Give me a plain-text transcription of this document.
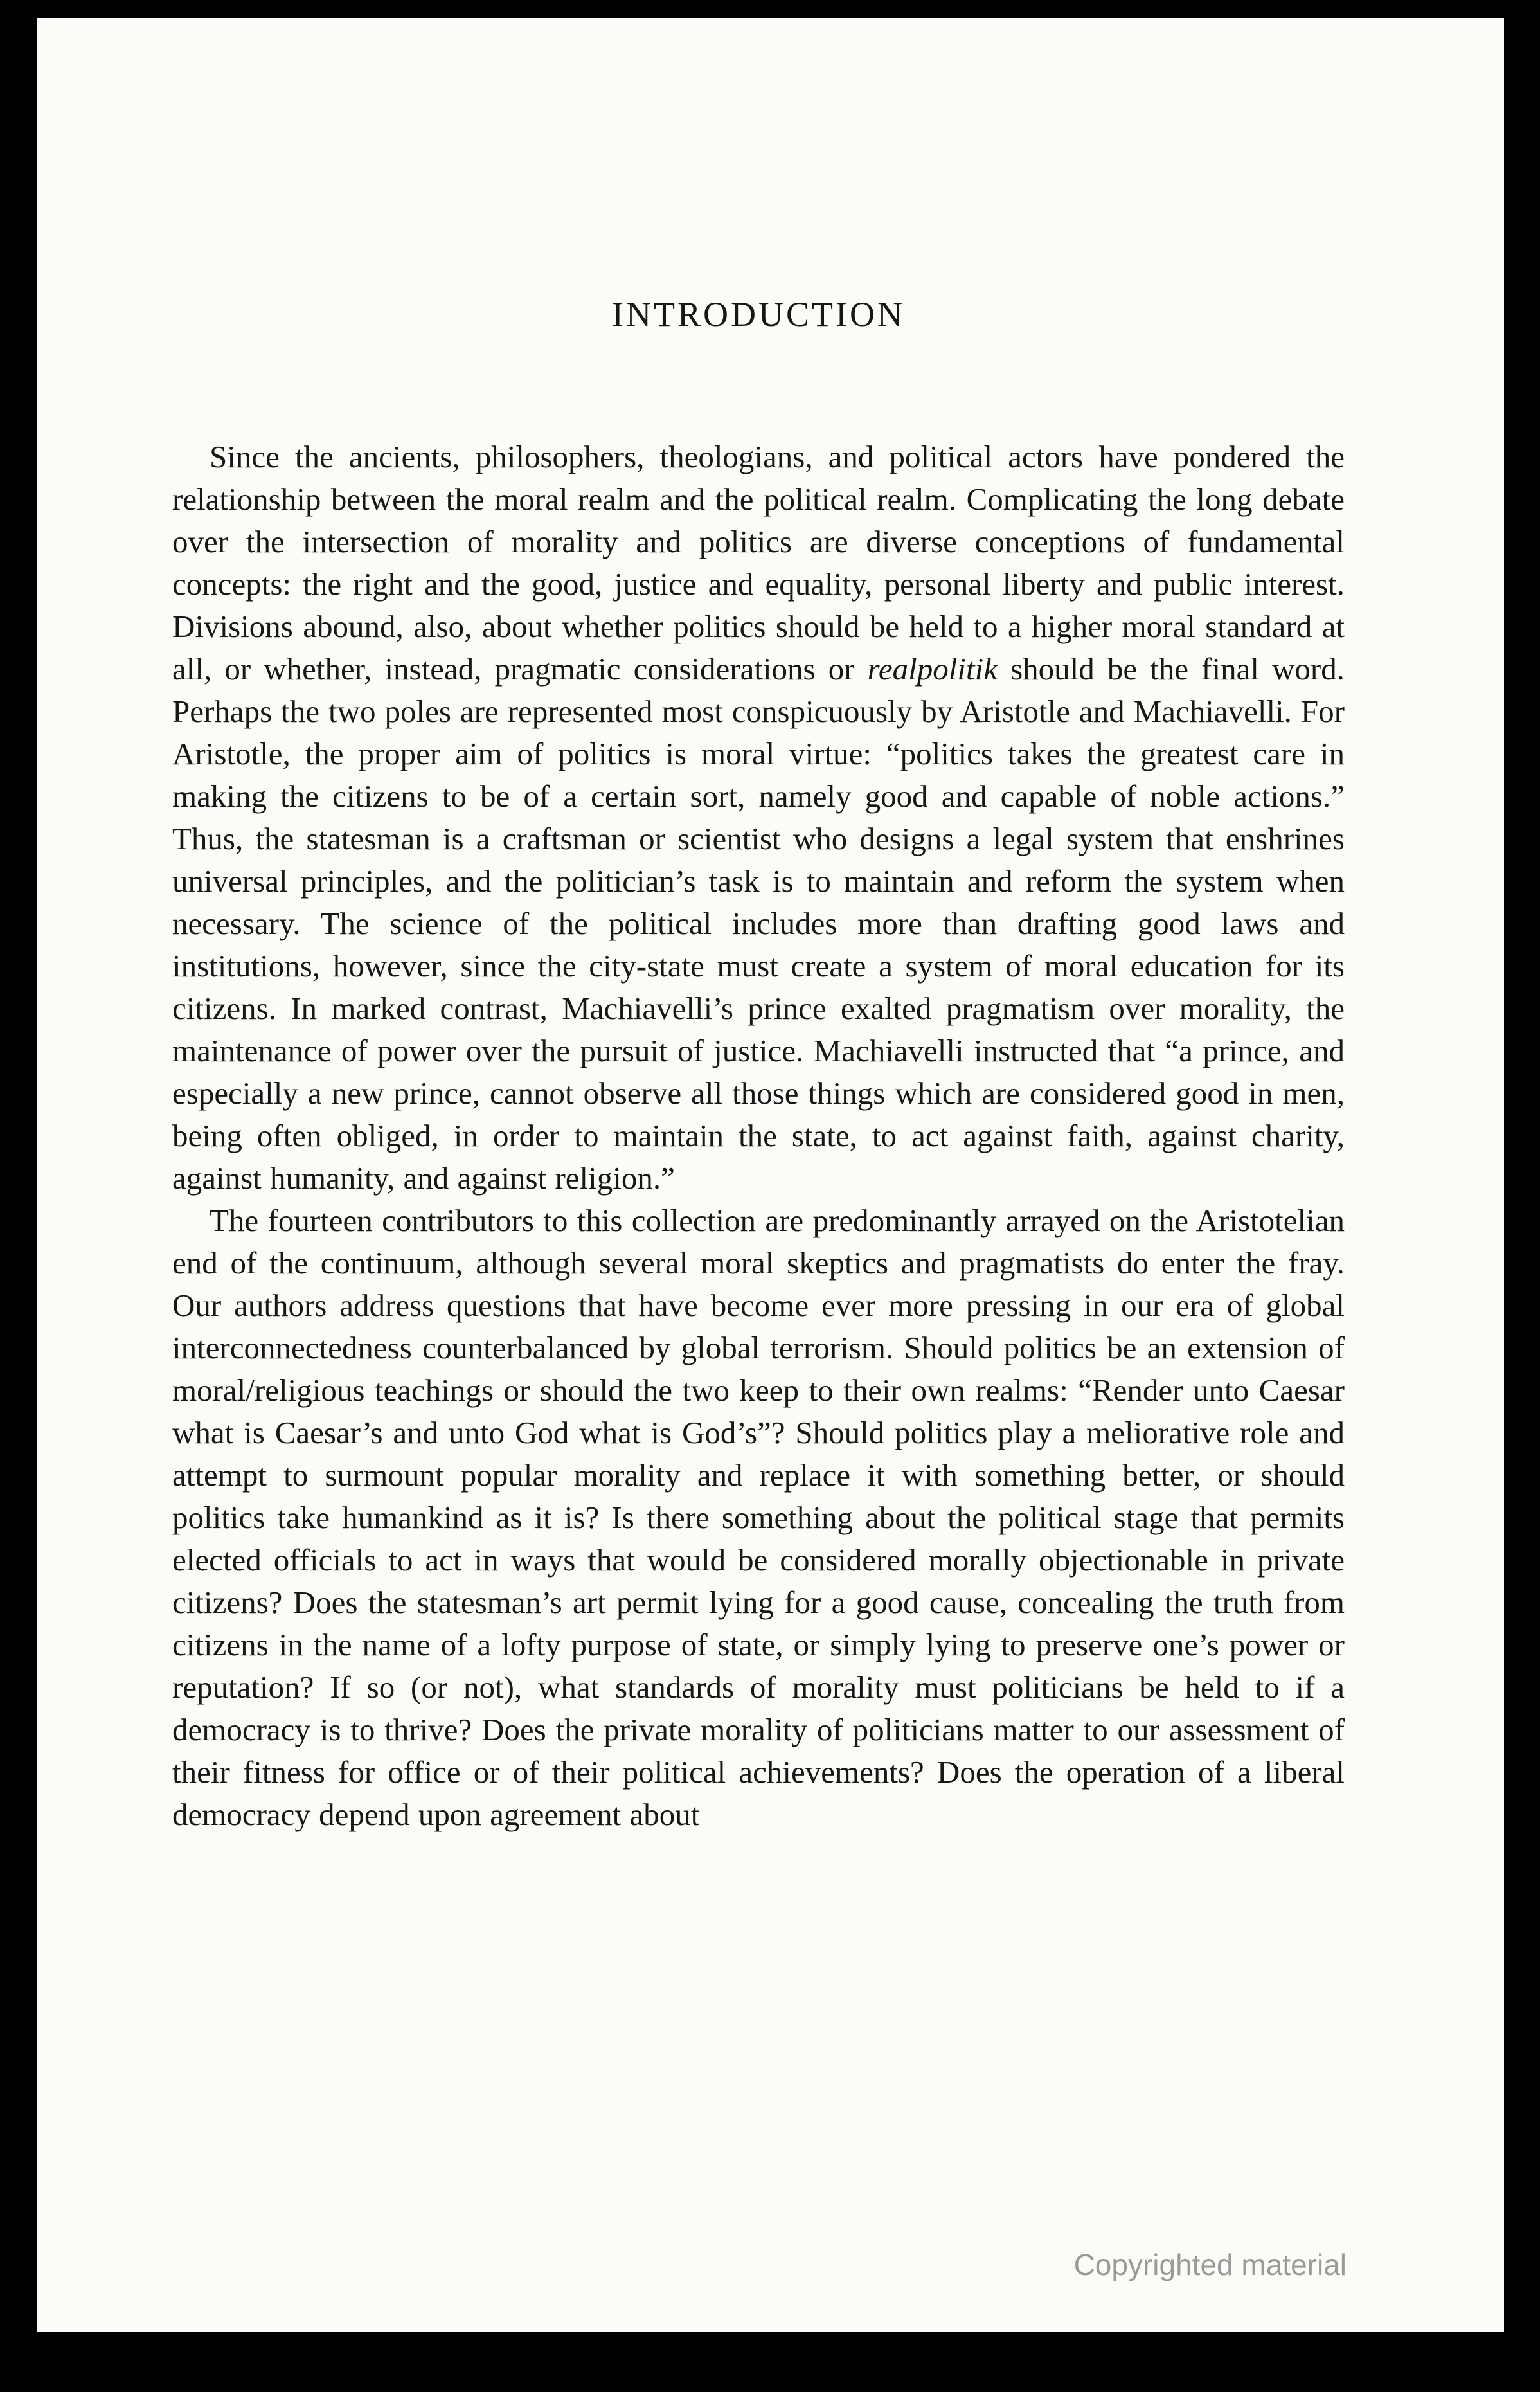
INTRODUCTION

Since the ancients, philosophers, theologians, and political actors have pondered the relationship between the moral realm and the political realm. Complicating the long debate over the intersection of morality and politics are diverse conceptions of fundamental concepts: the right and the good, justice and equality, personal liberty and public interest. Divisions abound, also, about whether politics should be held to a higher moral standard at all, or whether, instead, pragmatic considerations or realpolitik should be the final word. Perhaps the two poles are represented most conspicuously by Aristotle and Machiavelli. For Aristotle, the proper aim of politics is moral virtue: “politics takes the greatest care in making the citizens to be of a certain sort, namely good and capable of noble actions.” Thus, the statesman is a craftsman or scientist who designs a legal system that enshrines universal principles, and the politician’s task is to maintain and reform the system when necessary. The science of the political includes more than drafting good laws and institutions, however, since the city-state must create a system of moral education for its citizens. In marked contrast, Machiavelli’s prince exalted pragmatism over morality, the maintenance of power over the pursuit of justice. Machiavelli instructed that “a prince, and especially a new prince, cannot observe all those things which are considered good in men, being often obliged, in order to maintain the state, to act against faith, against charity, against humanity, and against religion.”

The fourteen contributors to this collection are predominantly arrayed on the Aristotelian end of the continuum, although several moral skeptics and pragmatists do enter the fray. Our authors address questions that have become ever more pressing in our era of global interconnectedness counterbalanced by global terrorism. Should politics be an extension of moral/religious teachings or should the two keep to their own realms: “Render unto Caesar what is Caesar’s and unto God what is God’s”? Should politics play a meliorative role and attempt to surmount popular morality and replace it with something better, or should politics take humankind as it is? Is there something about the political stage that permits elected officials to act in ways that would be considered morally objectionable in private citizens? Does the statesman’s art permit lying for a good cause, concealing the truth from citizens in the name of a lofty purpose of state, or simply lying to preserve one’s power or reputation? If so (or not), what standards of morality must politicians be held to if a democracy is to thrive? Does the private morality of politicians matter to our assessment of their fitness for office or of their political achievements? Does the operation of a liberal democracy depend upon agreement about

Copyrighted material
